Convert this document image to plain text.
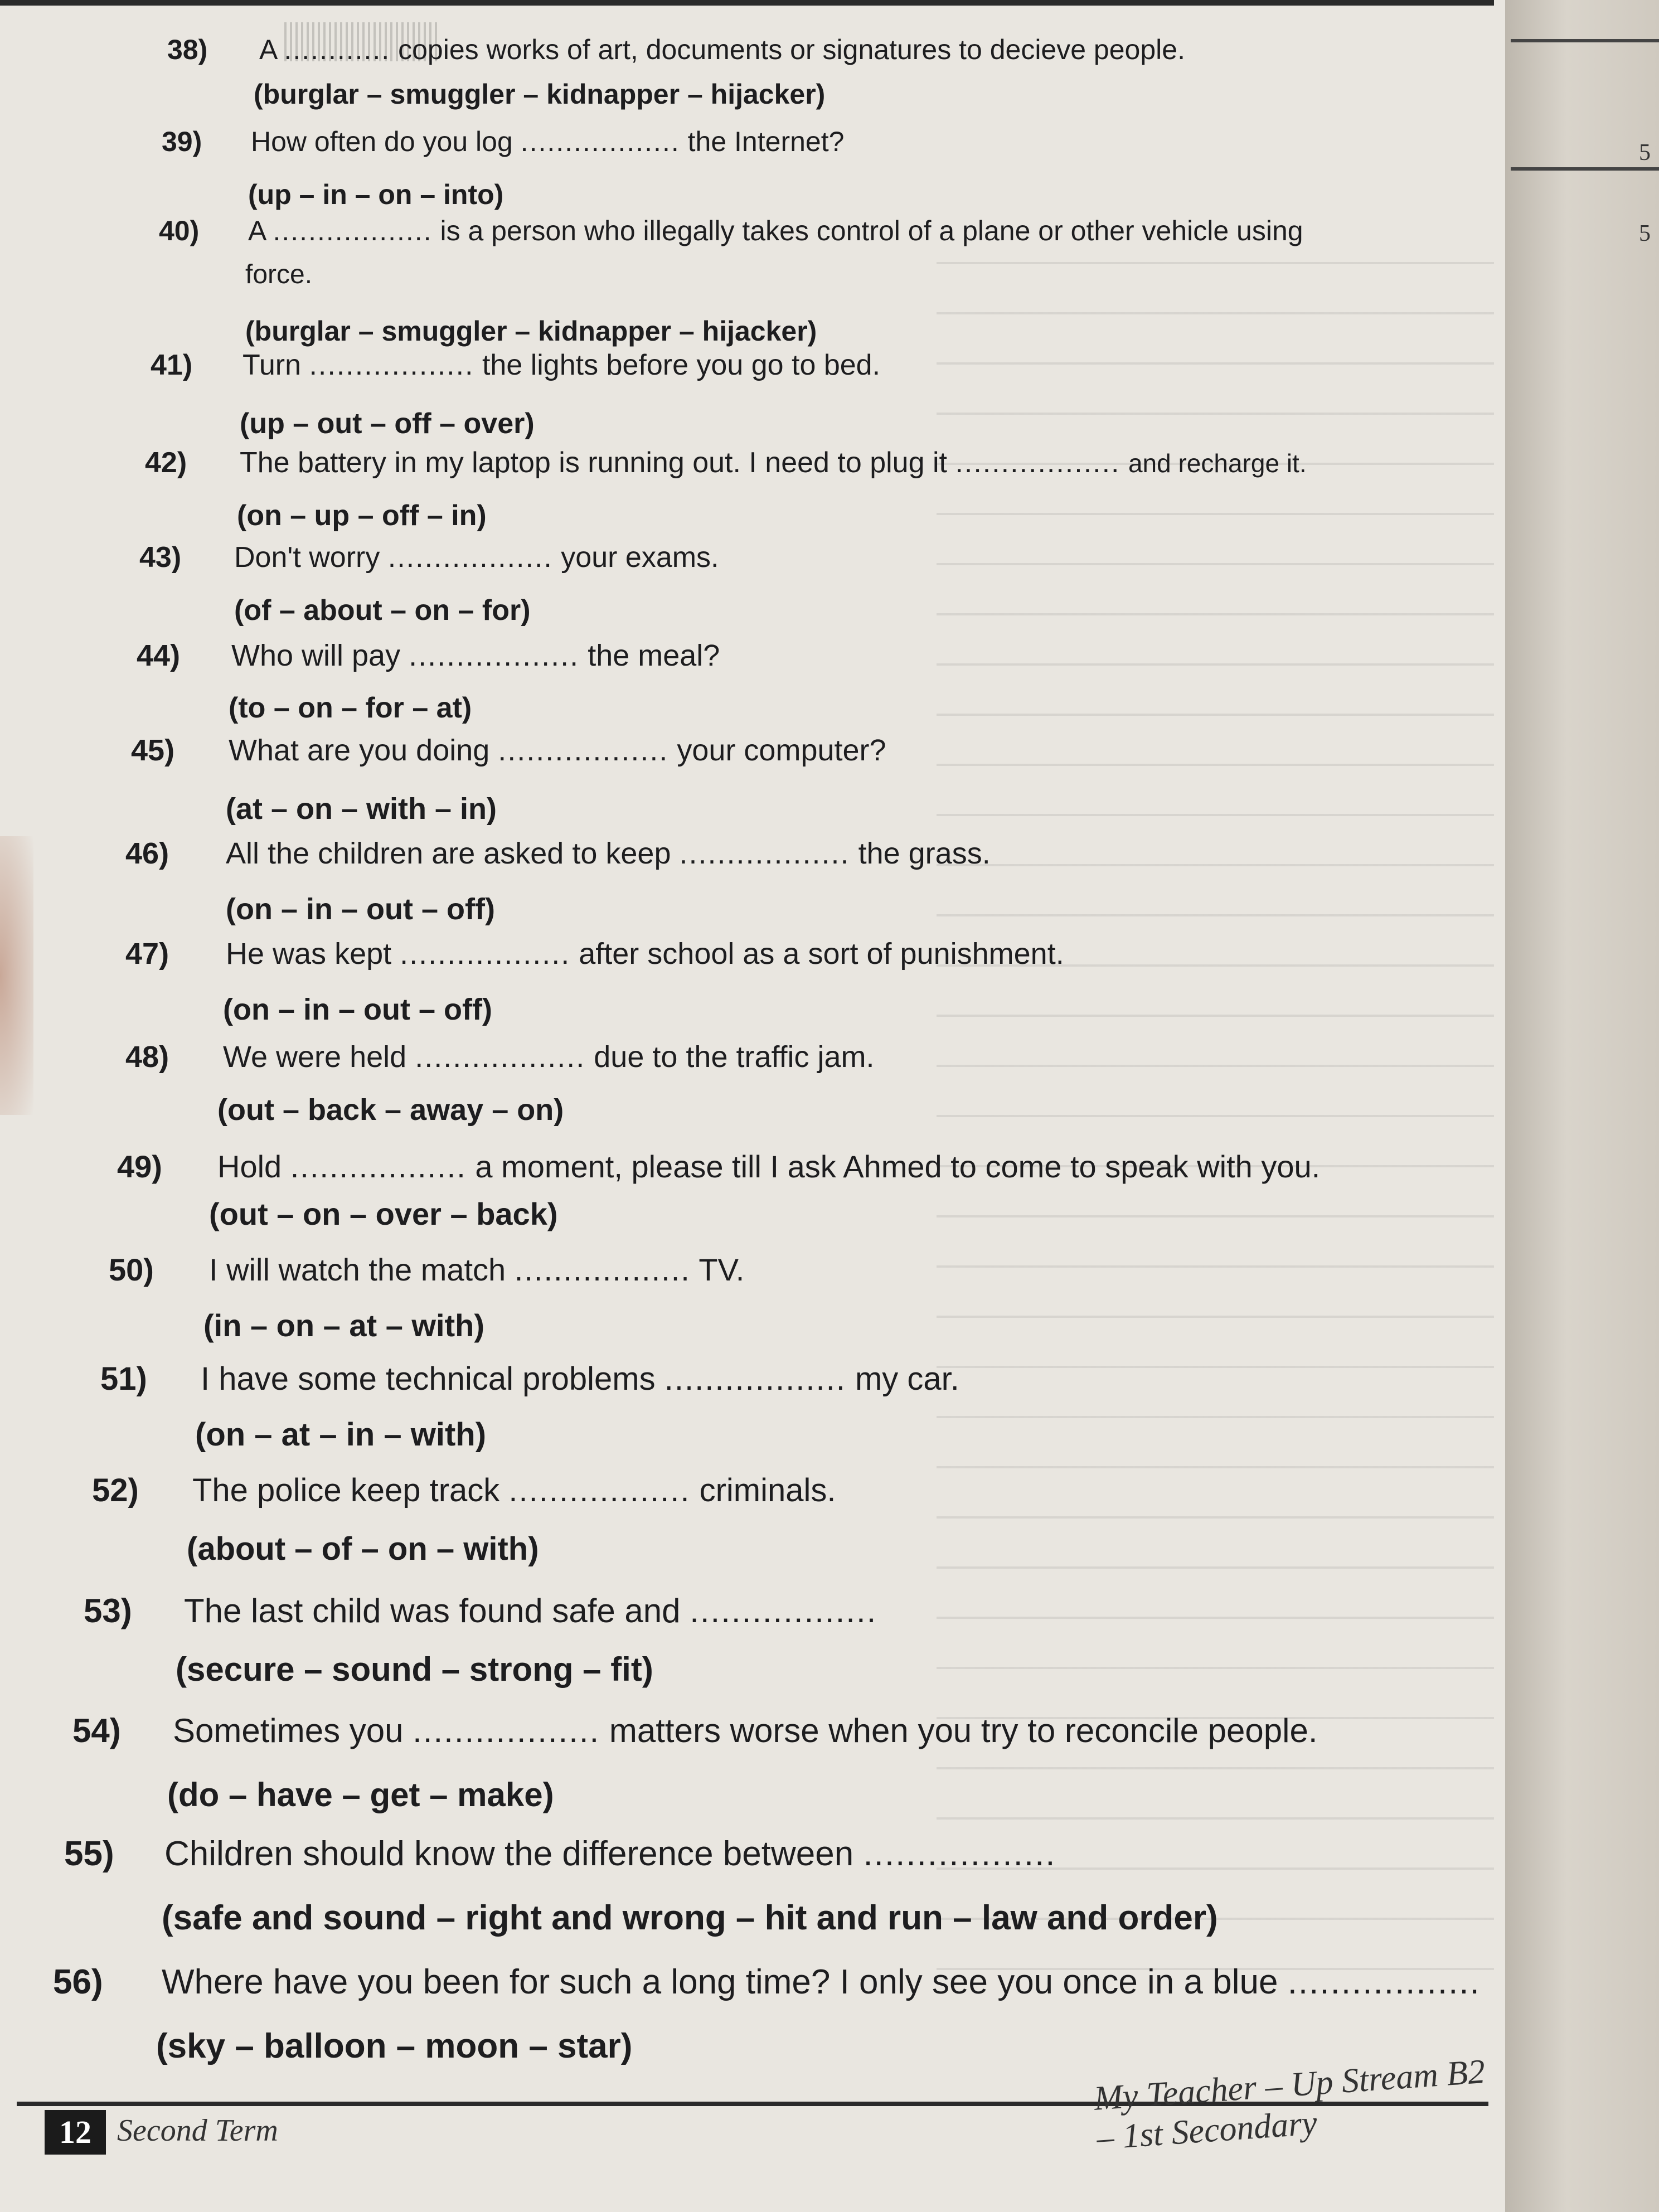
38) A ............ copies works of art, documents or signatures to decieve people.
(burglar – smuggler – kidnapper – hijacker)
39) How often do you log .................. the Internet?
(up – in – on – into)
40) A .................. is a person who illegally takes control of a plane or other vehicle using
force.
(burglar – smuggler – kidnapper – hijacker)
41) Turn .................. the lights before you go to bed.
(up – out – off – over)
42) The battery in my laptop is running out. I need to plug it .................. and recharge it.
(on – up – off – in)
43) Don't worry .................. your exams.
(of – about – on – for)
44) Who will pay .................. the meal?
(to – on – for – at)
45) What are you doing .................. your computer?
(at – on – with – in)
46) All the children are asked to keep .................. the grass.
(on – in – out – off)
47) He was kept .................. after school as a sort of punishment.
(on – in – out – off)
48) We were held .................. due to the traffic jam.
(out – back – away – on)
49) Hold .................. a moment, please till I ask Ahmed to come to speak with you.
(out – on – over – back)
50) I will watch the match .................. TV.
(in – on – at – with)
51) I have some technical problems .................. my car.
(on – at – in – with)
52) The police keep track .................. criminals.
(about – of – on – with)
53) The last child was found safe and ..................
(secure – sound – strong – fit)
54) Sometimes you .................. matters worse when you try to reconcile people.
(do – have – get – make)
55) Children should know the difference between ..................
(safe and sound – right and wrong – hit and run – law and order)
56) Where have you been for such a long time? I only see you once in a blue ..................
(sky – balloon – moon – star)
12 Second Term
My Teacher – Up Stream B2 – 1st Secondary
5
5
